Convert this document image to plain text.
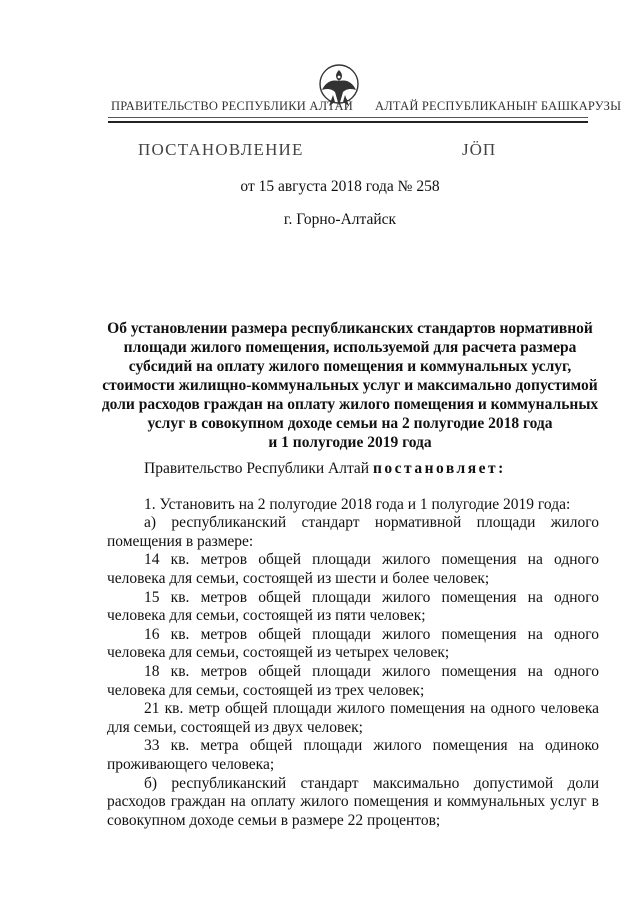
ПРАВИТЕЛЬСТВО РЕСПУБЛИКИ АЛТАЙ АЛТАЙ РЕСПУБЛИКАНЫҤ БАШКАРУЗЫ
ПОСТАНОВЛЕНИЕ	ЈÖП
от 15 августа 2018 года № 258
г. Горно-Алтайск
Об установлении размера республиканских стандартов нормативной
площади жилого помещения, используемой для расчета размера
субсидий на оплату жилого помещения и коммунальных услуг,
стоимости жилищно-коммунальных услуг и максимально допустимой
доли расходов граждан на оплату жилого помещения и коммунальных
услуг в совокупном доходе семьи на 2 полугодие 2018 года
и 1 полугодие 2019 года

Правительство Республики Алтай постановляет:

1. Установить на 2 полугодие 2018 года и 1 полугодие 2019 года:

а) республиканский стандарт нормативной площади жилого помещения в размере:

14 кв. метров общей площади жилого помещения на одного человека для семьи, состоящей из шести и более человек;

15 кв. метров общей площади жилого помещения на одного человека для семьи, состоящей из пяти человек;

16 кв. метров общей площади жилого помещения на одного человека для семьи, состоящей из четырех человек;

18 кв. метров общей площади жилого помещения на одного человека для семьи, состоящей из трех человек;

21 кв. метр общей площади жилого помещения на одного человека для семьи, состоящей из двух человек;

33 кв. метра общей площади жилого помещения на одиноко проживающего человека;

б) республиканский стандарт максимально допустимой доли расходов граждан на оплату жилого помещения и коммунальных услуг в совокупном доходе семьи в размере 22 процентов;
